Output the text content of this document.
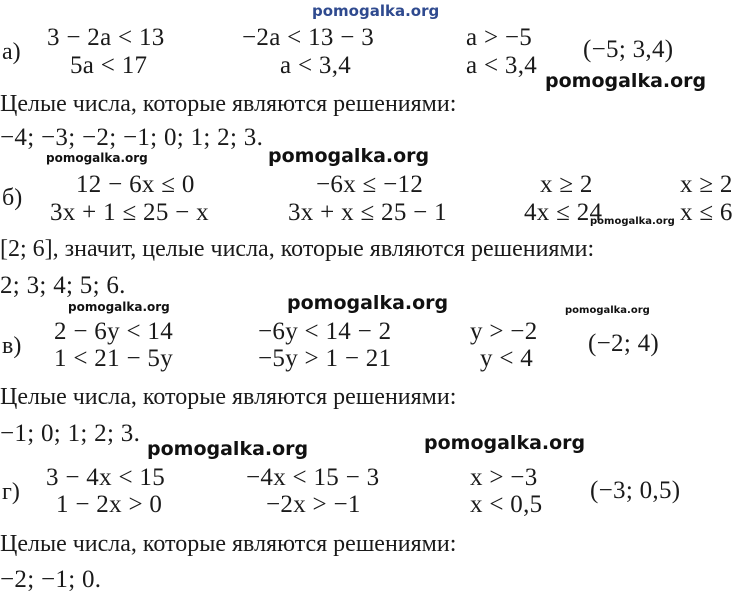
pomogalka.org
pomogalka.org
pomogalka.org	pomogalka.org
pomogalka.org
pomogalka.org	pomogalka.org	pomogalka.org
pomogalka.org	pomogalka.org
а)
3 − 2a < 13	−2a < 13 − 3	a > −5 (−5; 3,4)
5a < 17	a < 3,4	a < 3,4
Целые числа, которые являются решениями:
−4; −3; −2; −1; 0; 1; 2; 3.
б) 12 − 6x ≤ 0	−6x ≤ −12	x ≥ 2	x ≥ 2
3x + 1 ≤ 25 − x	3x + x ≤ 25 − 1	4x ≤ 24	x ≤ 6
[2; 6], значит, целые числа, которые являются решениями:
2; 3; 4; 5; 6.
в)
2 − 6y < 14	−6y < 14 − 2	y > −2 (−2; 4)
1 < 21 − 5y	−5y > 1 − 21	y < 4
Целые числа, которые являются решениями:
−1; 0; 1; 2; 3.
г)
3 − 4x < 15	−4x < 15 − 3	x > −3 (−3; 0,5)
1 − 2x > 0	−2x > −1	x < 0,5
Целые числа, которые являются решениями:
−2; −1; 0.
